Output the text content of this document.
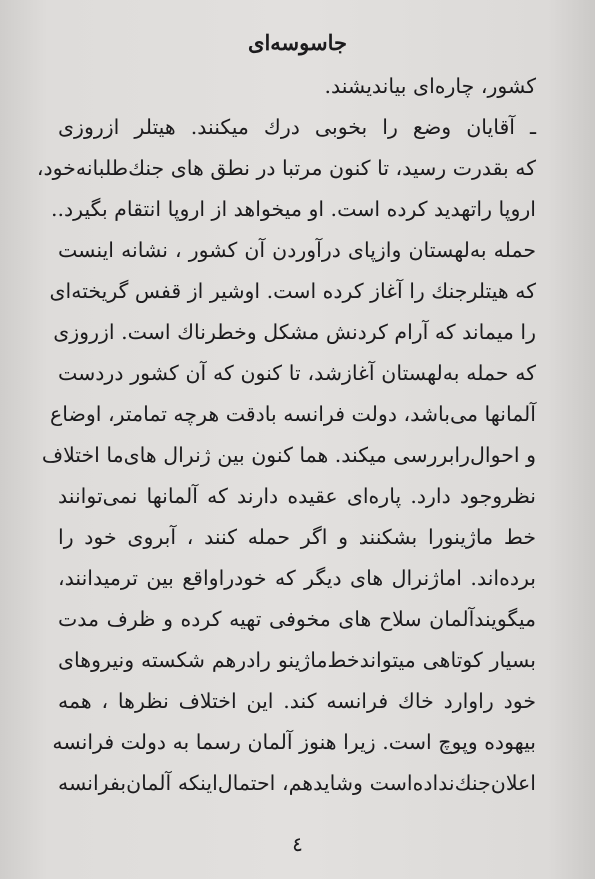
جاسوسه‌ای
کشور، چاره‌ای بیاندیشند.
ـ آقایان وضع را بخوبی درك میکنند. هیتلر ازروزی
که بقدرت رسید، تا کنون مرتبا در نطق های جنك‌طلبانه‌خود،
اروپا راتهدید کرده است. او میخواهد از اروپا انتقام بگیرد..
حمله به‌لهستان وازپای درآوردن آن کشور ، نشانه اینست
که هیتلرجنك را آغاز کرده است. اوشیر از قفس گریخته‌ای
را میماند که آرام کردنش مشکل وخطرناك است. ازروزی
که حمله به‌لهستان آغازشد، تا کنون که آن کشور دردست
آلمانها می‌باشد، دولت فرانسه بادقت هرچه تمامتر، اوضاع
و احوال‌رابررسی میکند. هما کنون بین ژنرال های‌ما اختلاف
نظروجود دارد. پاره‌ای عقیده دارند که آلمانها نمی‌توانند
خط ماژینورا بشکنند و اگر حمله کنند ، آبروی خود را
برده‌اند. اماژنرال های دیگر که خودراواقع بین ترمیدانند،
میگویندآلمان سلاح های مخوفی تهیه کرده و ظرف مدت
بسیار کوتاهی میتواندخط‌ماژینو رادرهم شکسته ونیروهای
خود راوارد خاك فرانسه کند. این اختلاف نظرها ، همه
بیهوده وپوچ است. زیرا هنوز آلمان رسما به دولت فرانسه
اعلان‌جنك‌نداده‌است وشایدهم، احتمال‌اینکه آلمان‌بفرانسه
٤
